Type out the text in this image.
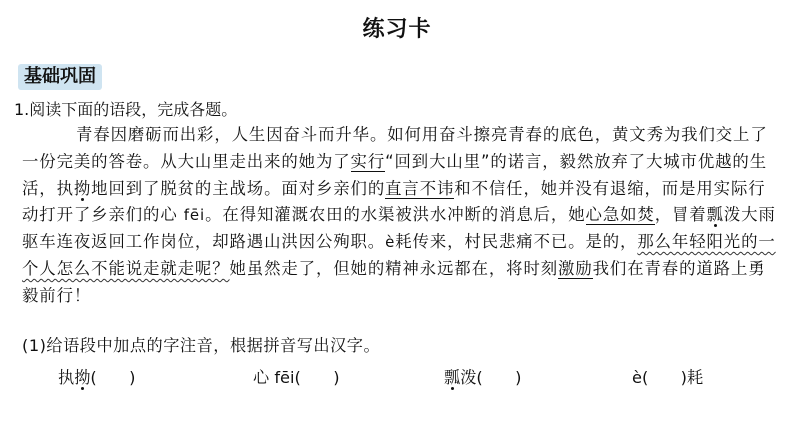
练习卡
基础巩固
1.阅读下面的语段，完成各题。
青春因磨砺而出彩，人生因奋斗而升华。如何用奋斗擦亮青春的底色，黄文秀为我们交上了一份完美的答卷。从大山里走出来的她为了实行“回到大山里”的诺言，毅然放弃了大城市优越的生活，执拗地回到了脱贫的主战场。面对乡亲们的直言不讳和不信任，她并没有退缩，而是用实际行动打开了乡亲们的心 fēi。在得知灌溉农田的水渠被洪水冲断的消息后，她心急如焚，冒着瓢泼大雨驱车连夜返回工作岗位，却路遇山洪因公殉职。è耗传来，村民悲痛不已。是的，那么年轻阳光的一个人怎么不能说走就走呢？她虽然走了，但她的精神永远都在，将时刻激励我们在青春的道路上勇毅前行！
(1)给语段中加点的字注音，根据拼音写出汉字。
执拗(　　)	心 fēi(　　)	瓢泼(　　)	è(　　)耗
